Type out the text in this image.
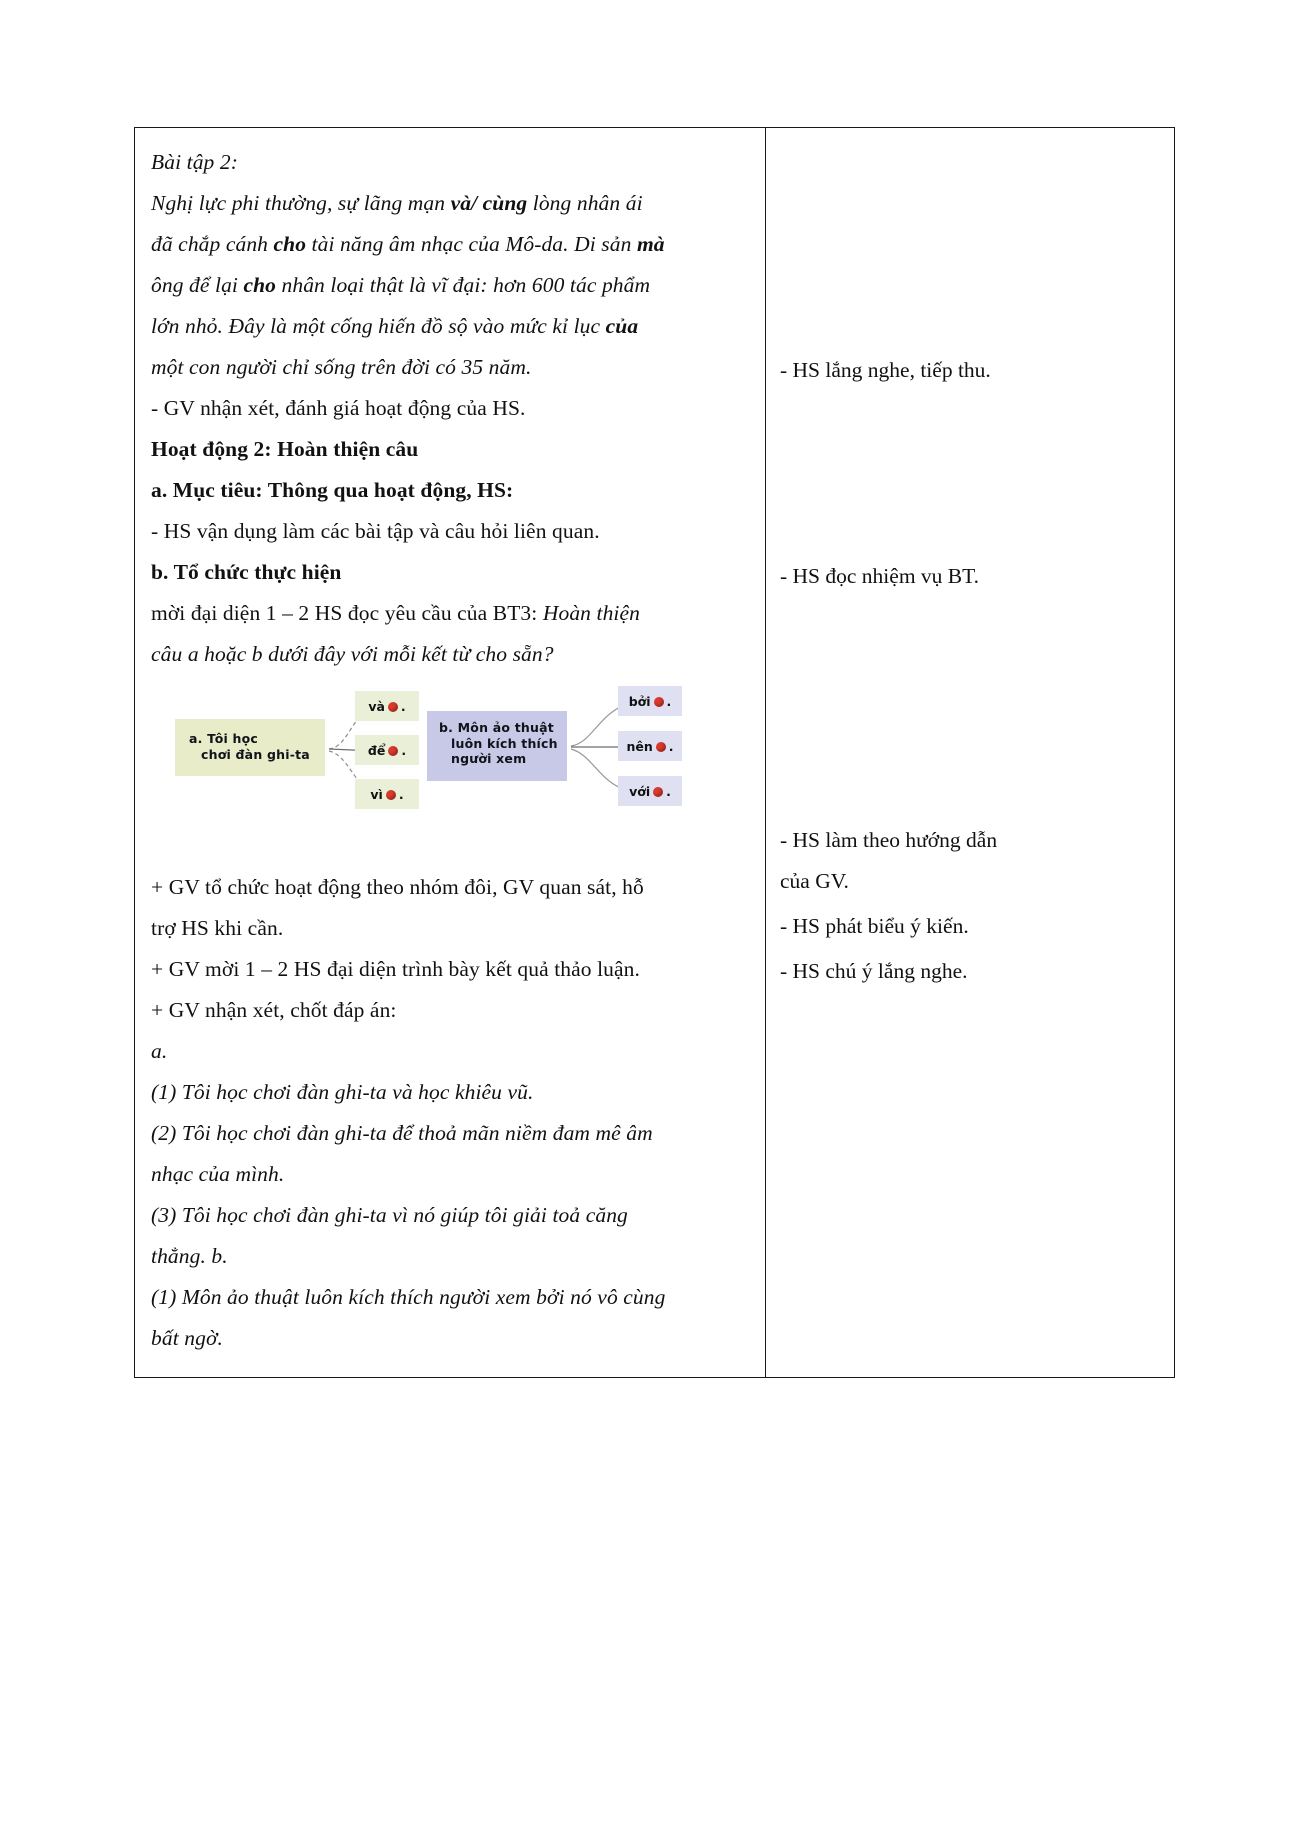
Bài tập 2:

Nghị lực phi thường, sự lãng mạn và/ cùng lòng nhân ái

đã chắp cánh cho tài năng âm nhạc của Mô-da. Di sản mà

ông để lại cho nhân loại thật là vĩ đại: hơn 600 tác phẩm

lớn nhỏ. Đây là một cống hiến đồ sộ vào mức kỉ lục của

một con người chỉ sống trên đời có 35 năm.

- GV nhận xét, đánh giá hoạt động của HS.

Hoạt động 2: Hoàn thiện câu

a. Mục tiêu: Thông qua hoạt động, HS:

- HS vận dụng làm các bài tập và câu hỏi liên quan.

b. Tổ chức thực hiện

mời đại diện 1 – 2 HS đọc yêu cầu của BT3: Hoàn thiện

câu a hoặc b dưới đây với mỗi kết từ cho sẵn?

a. Tôi học
chơi đàn ghi-ta
b. Môn ảo thuật
luôn kích thích
người xem
và .
để .
vì .
bởi .
nên .
với .

+ GV tổ chức hoạt động theo nhóm đôi, GV quan sát, hỗ

trợ HS khi cần.

+ GV mời 1 – 2 HS đại diện trình bày kết quả thảo luận.

+ GV nhận xét, chốt đáp án:

a.

(1) Tôi học chơi đàn ghi-ta và học khiêu vũ.

(2) Tôi học chơi đàn ghi-ta để thoả mãn niềm đam mê âm

nhạc của mình.

(3) Tôi học chơi đàn ghi-ta vì nó giúp tôi giải toả căng

thẳng. b.

(1) Môn ảo thuật luôn kích thích người xem bởi nó vô cùng

bất ngờ.

- HS lắng nghe, tiếp thu.
- HS đọc nhiệm vụ BT.
- HS làm theo hướng dẫn
của GV.
- HS phát biểu ý kiến.
- HS chú ý lắng nghe.
